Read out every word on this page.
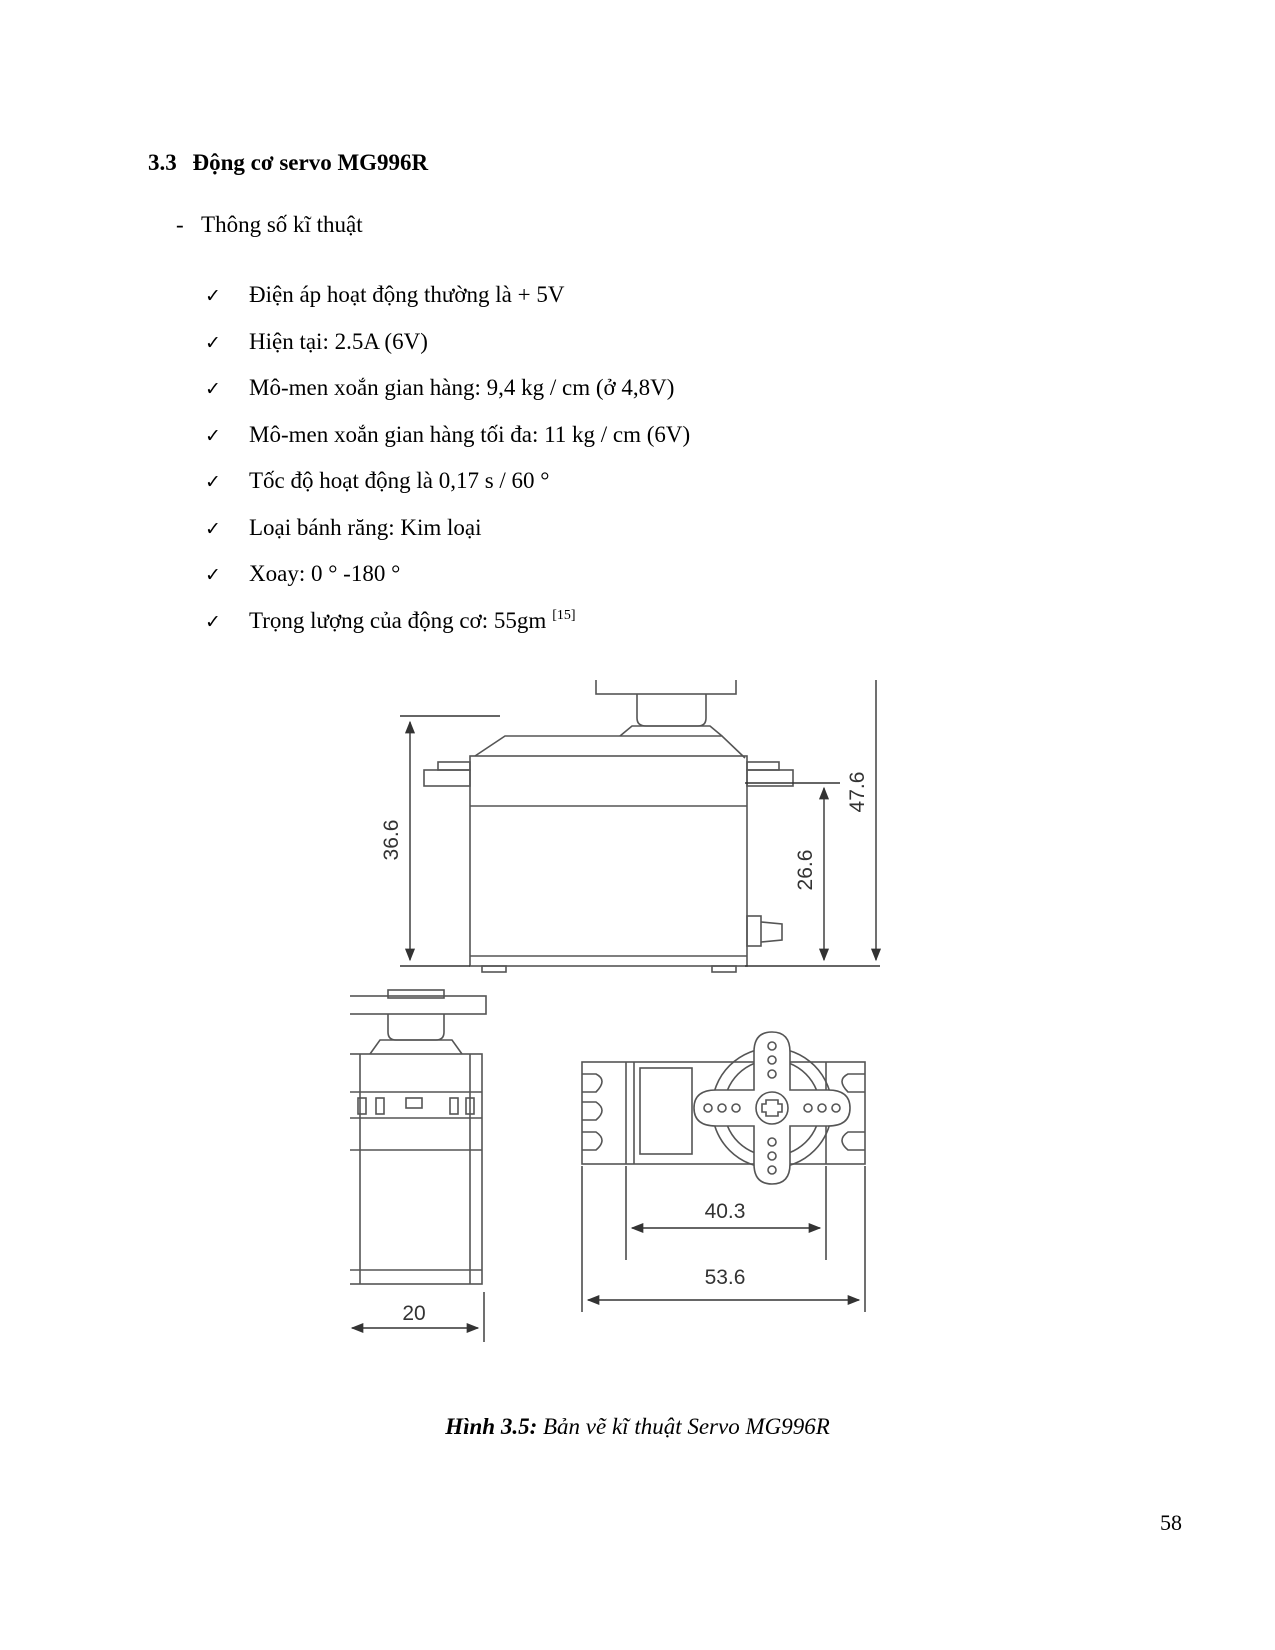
3.3 Động cơ servo MG996R
- Thông số kĩ thuật
✓	Điện áp hoạt động thường là + 5V
✓	Hiện tại: 2.5A (6V)
✓	Mô-men xoắn gian hàng: 9,4 kg / cm (ở 4,8V)
✓	Mô-men xoắn gian hàng tối đa: 11 kg / cm (6V)
✓	Tốc độ hoạt động là 0,17 s / 60 °
✓	Loại bánh răng: Kim loại
✓	Xoay: 0 ° -180 °
✓	Trọng lượng của động cơ: 55gm [15]
36.6
47.6
26.6
20
40.3
53.6
Hình 3.5: Bản vẽ kĩ thuật Servo MG996R
58
